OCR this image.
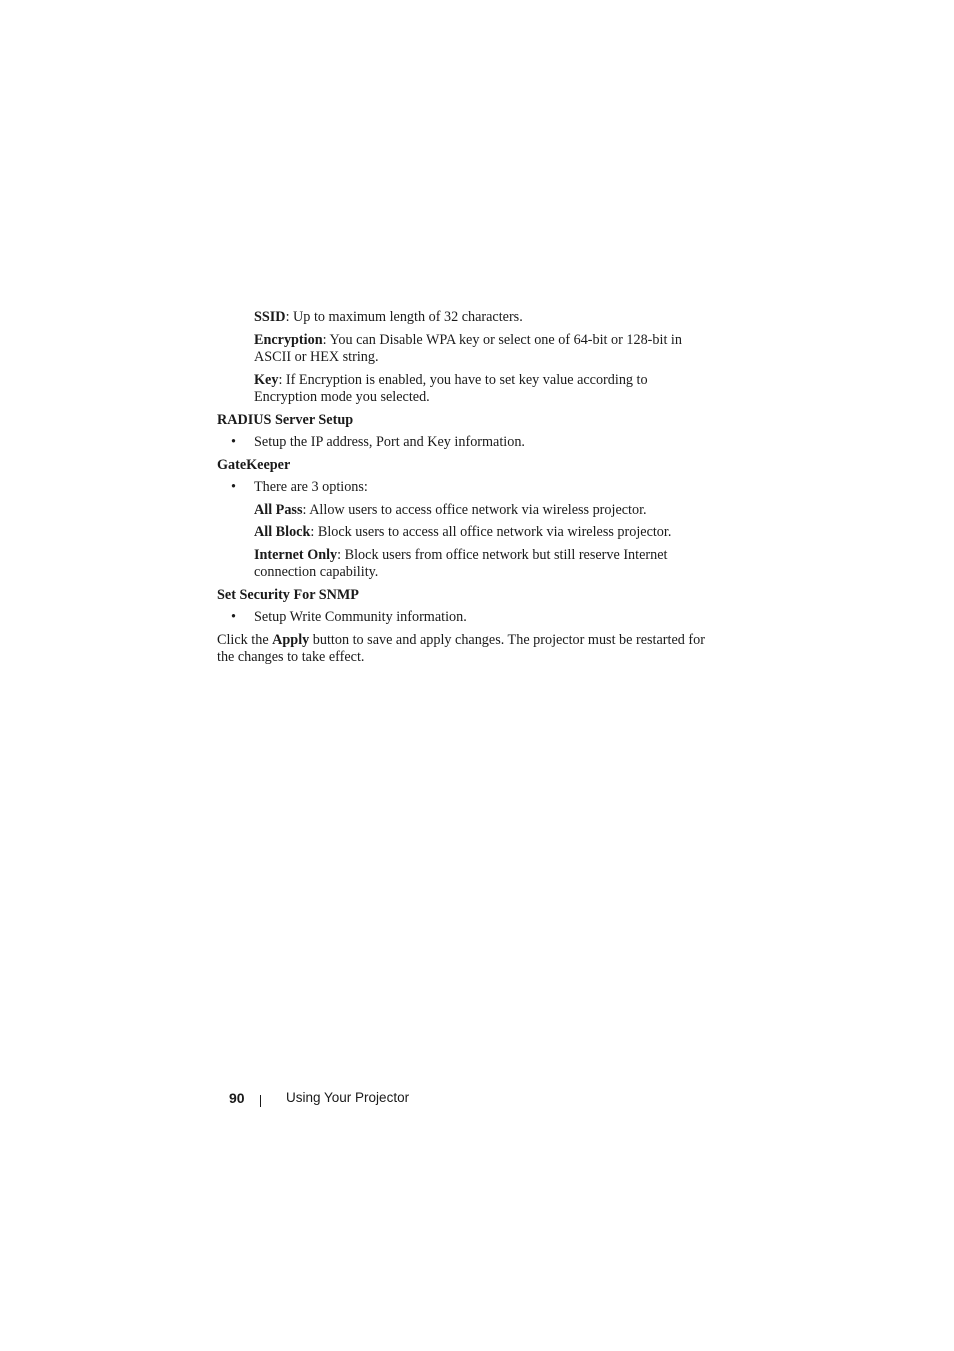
SSID: Up to maximum length of 32 characters.

Encryption: You can Disable WPA key or select one of 64-bit or 128-bit in ASCII or HEX string.

Key: If Encryption is enabled, you have to set key value according to Encryption mode you selected.

RADIUS Server Setup

• Setup the IP address, Port and Key information.

GateKeeper

• There are 3 options:

All Pass: Allow users to access office network via wireless projector.

All Block: Block users to access all office network via wireless projector.

Internet Only: Block users from office network but still reserve Internet connection capability.

Set Security For SNMP

• Setup Write Community information.

Click the Apply button to save and apply changes. The projector must be restarted for the changes to take effect.

90	Using Your Projector
